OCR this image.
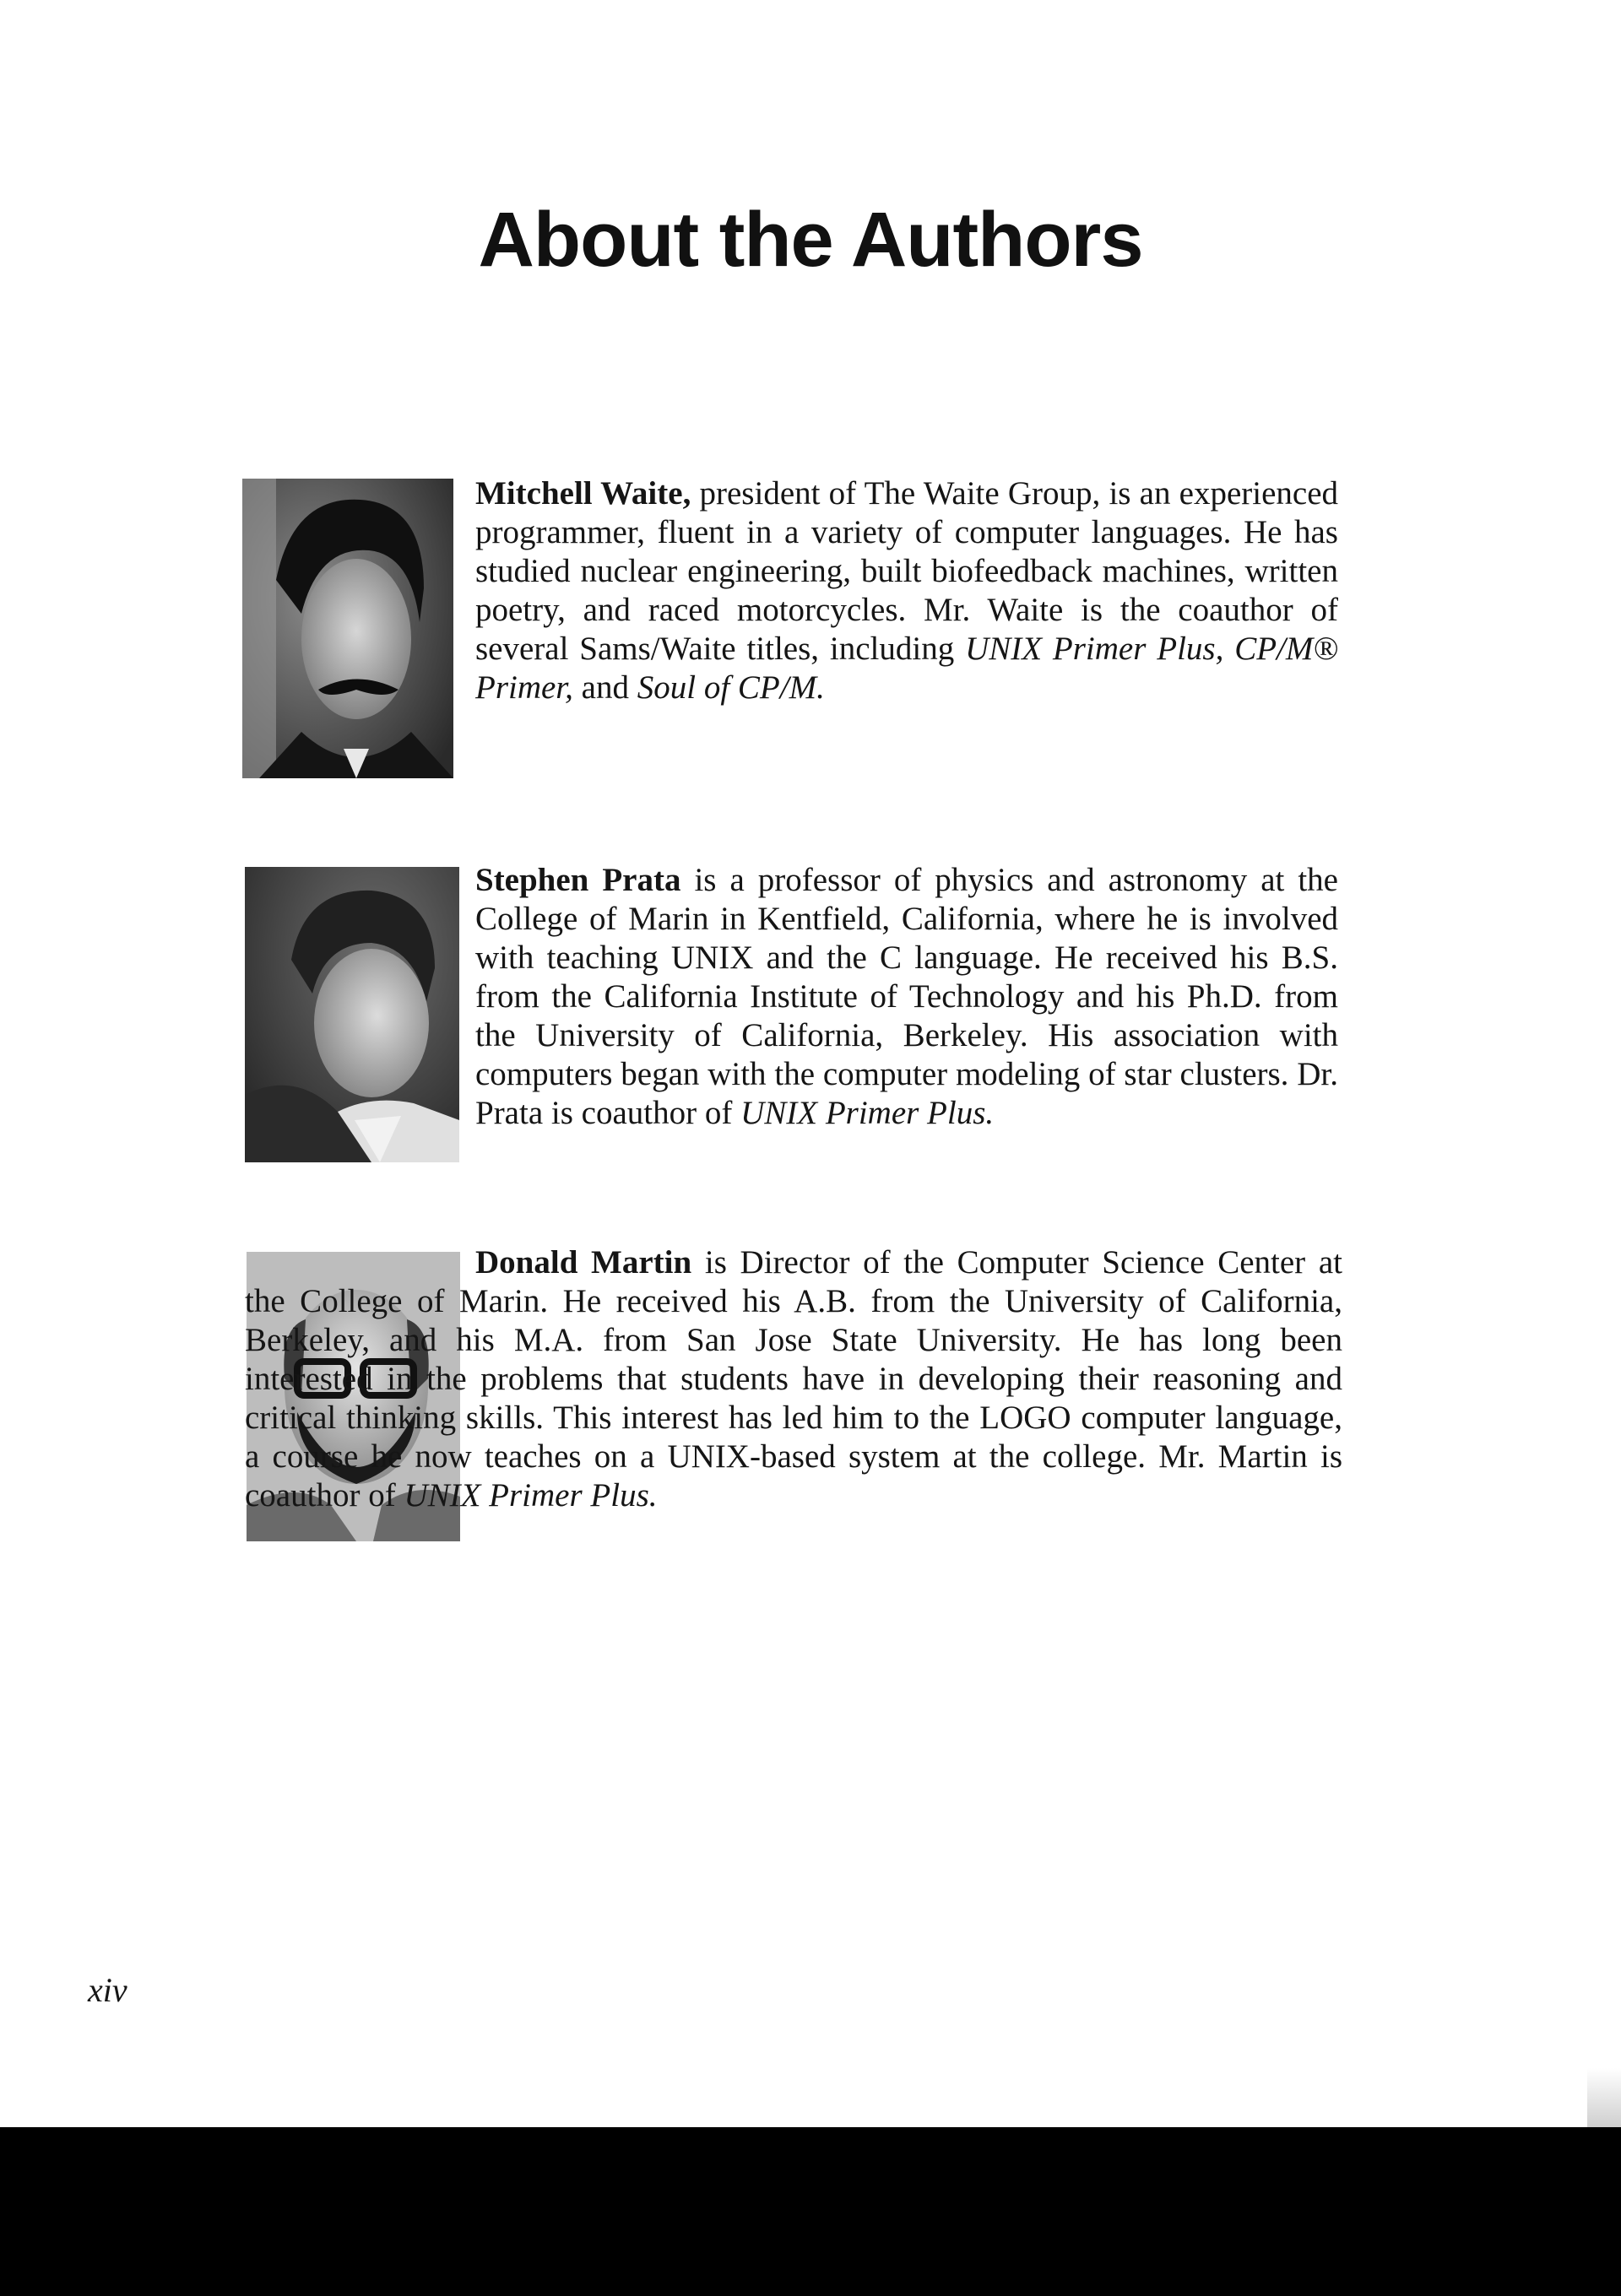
About the Authors

Mitchell Waite, president of The Waite Group, is an experienced programmer, fluent in a variety of computer languages. He has studied nuclear engineering, built biofeedback machines, written poetry, and raced motorcycles. Mr. Waite is the coauthor of several Sams/Waite titles, including UNIX Primer Plus, CP/M® Primer, and Soul of CP/M.

Stephen Prata is a professor of physics and astronomy at the College of Marin in Kentfield, California, where he is involved with teaching UNIX and the C language. He received his B.S. from the California Institute of Technology and his Ph.D. from the University of California, Berkeley. His association with computers began with the computer modeling of star clusters. Dr. Prata is coauthor of UNIX Primer Plus.

Donald Martin is Director of the Computer Science Center at the College of Marin. He received his A.B. from the University of California, Berkeley, and his M.A. from San Jose State University. He has long been interested in the problems that students have in developing their reasoning and critical thinking skills. This interest has led him to the LOGO computer language, a course he now teaches on a UNIX-based system at the college. Mr. Martin is coauthor of UNIX Primer Plus.

xiv
